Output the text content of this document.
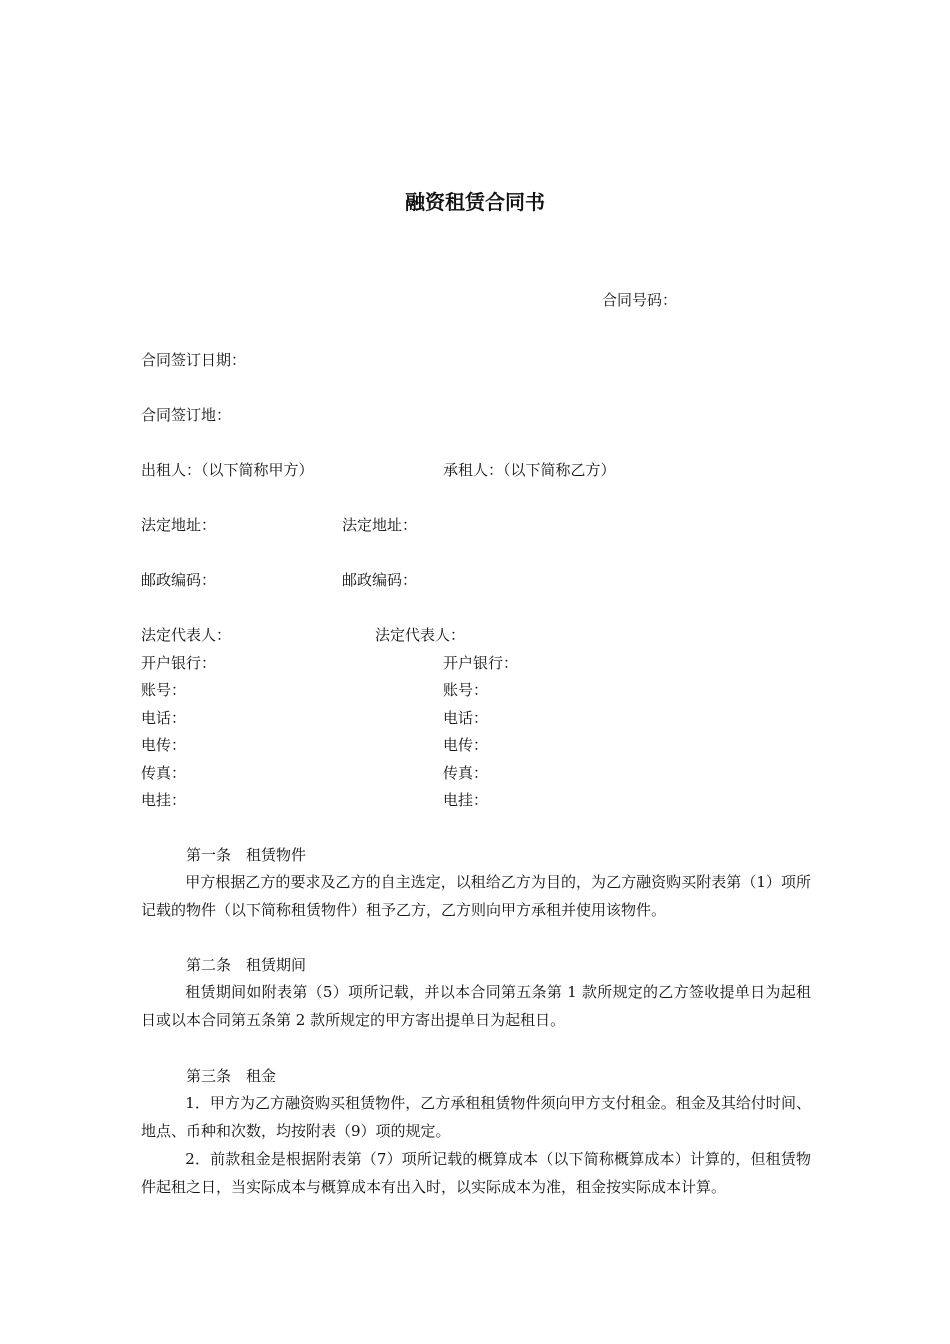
融资租赁合同书
合同号码：
合同签订日期：
合同签订地：
出租人：（以下简称甲方）	承租人：（以下简称乙方）
法定地址：	法定地址：
邮政编码：	邮政编码：
法定代表人：	法定代表人：
开户银行：	开户银行：
账号：	账号：
电话：	电话：
电传：	电传：
传真：	传真：
电挂：	电挂：
第一条　租赁物件
甲方根据乙方的要求及乙方的自主选定，以租给乙方为目的，为乙方融资购买附表第（1）项所记载的物件（以下简称租赁物件）租予乙方，乙方则向甲方承租并使用该物件。
第二条　租赁期间
租赁期间如附表第（5）项所记载，并以本合同第五条第 1 款所规定的乙方签收提单日为起租日或以本合同第五条第 2 款所规定的甲方寄出提单日为起租日。
第三条　租金
1．甲方为乙方融资购买租赁物件，乙方承租租赁物件须向甲方支付租金。租金及其给付时间、地点、币种和次数，均按附表（9）项的规定。
2．前款租金是根据附表第（7）项所记载的概算成本（以下简称概算成本）计算的，但租赁物件起租之日，当实际成本与概算成本有出入时，以实际成本为准，租金按实际成本计算。
